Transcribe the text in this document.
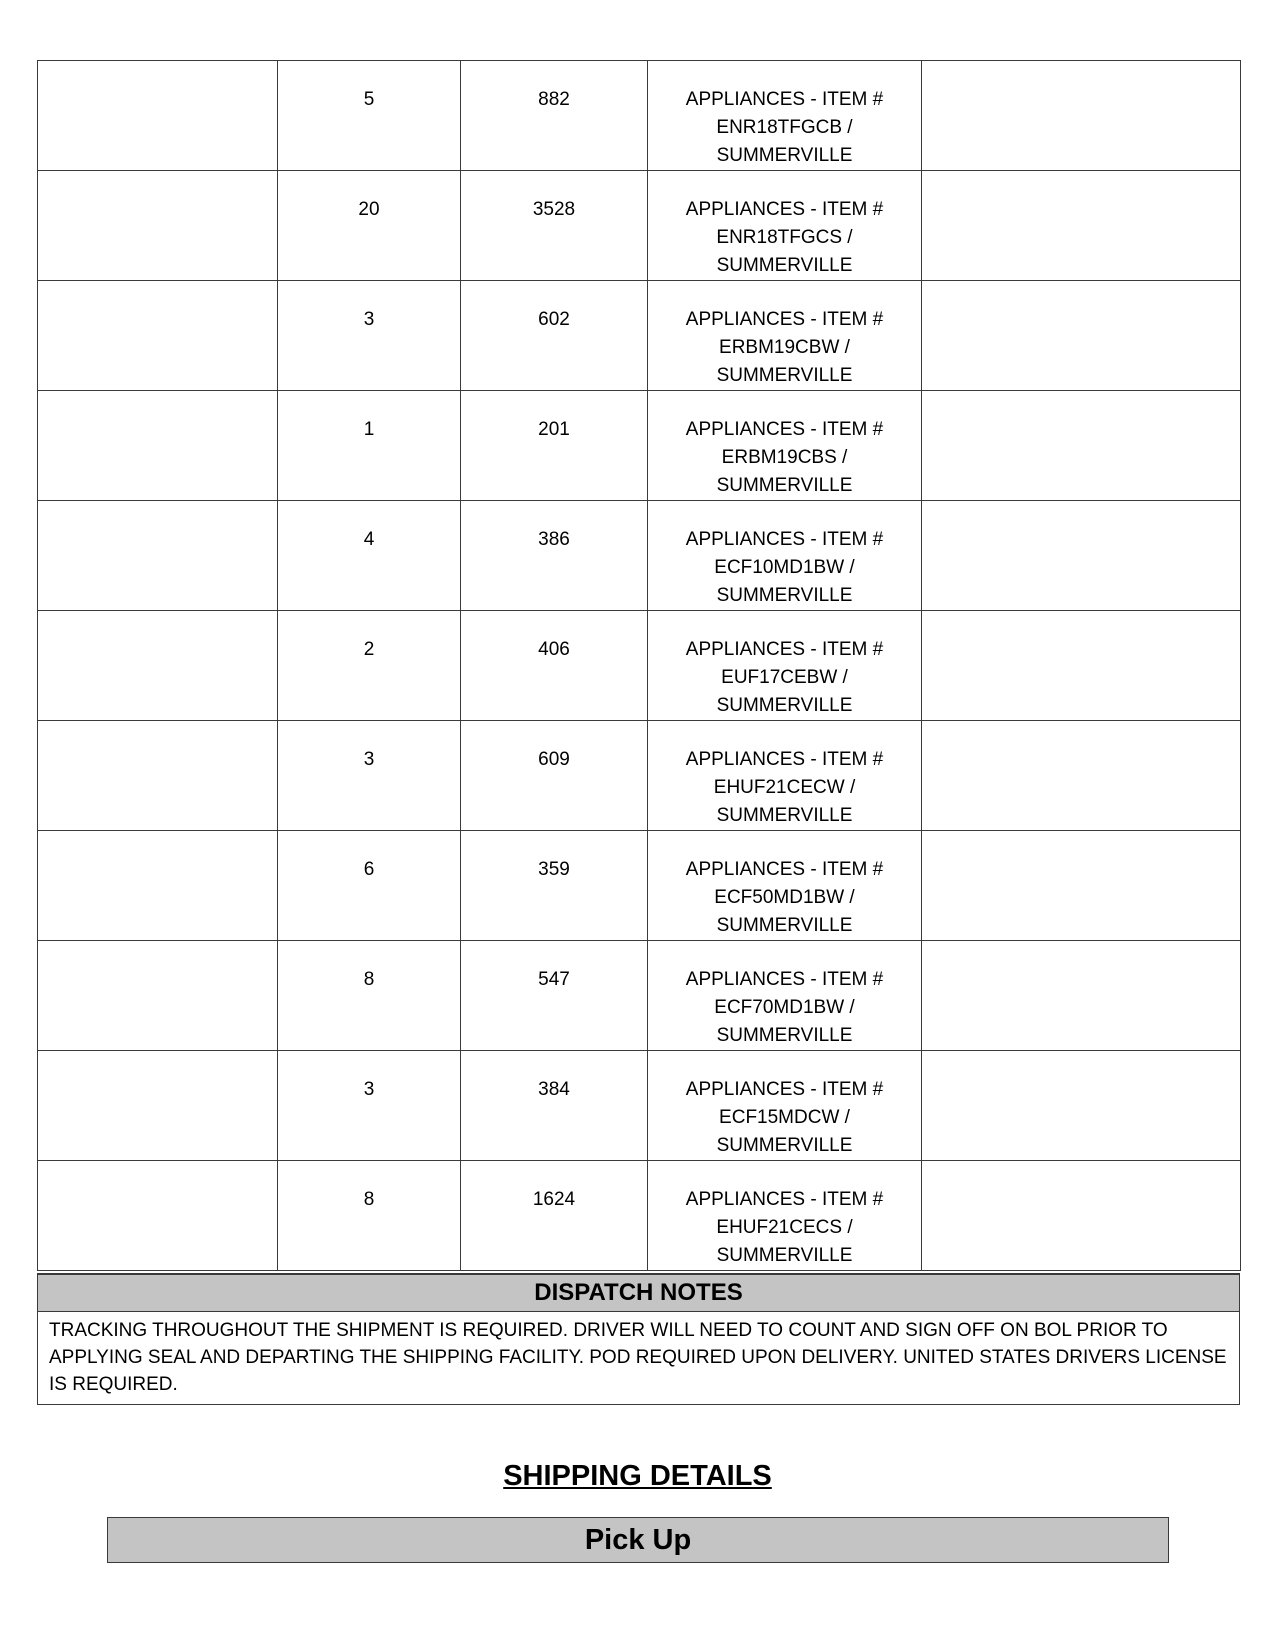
	5	882	APPLIANCES - ITEM #
ENR18TFGCB /
SUMMERVILLE	

	20	3528	APPLIANCES - ITEM #
ENR18TFGCS /
SUMMERVILLE	

	3	602	APPLIANCES - ITEM #
ERBM19CBW /
SUMMERVILLE	

	1	201	APPLIANCES - ITEM #
ERBM19CBS /
SUMMERVILLE	

	4	386	APPLIANCES - ITEM #
ECF10MD1BW /
SUMMERVILLE	

	2	406	APPLIANCES - ITEM #
EUF17CEBW /
SUMMERVILLE	

	3	609	APPLIANCES - ITEM #
EHUF21CECW /
SUMMERVILLE	

	6	359	APPLIANCES - ITEM #
ECF50MD1BW /
SUMMERVILLE	

	8	547	APPLIANCES - ITEM #
ECF70MD1BW /
SUMMERVILLE	

	3	384	APPLIANCES - ITEM #
ECF15MDCW /
SUMMERVILLE	

	8	1624	APPLIANCES - ITEM #
EHUF21CECS /
SUMMERVILLE	

DISPATCH NOTES
TRACKING THROUGHOUT THE SHIPMENT IS REQUIRED. DRIVER WILL NEED TO COUNT AND SIGN OFF ON BOL PRIOR TO APPLYING SEAL AND DEPARTING THE SHIPPING FACILITY. POD REQUIRED UPON DELIVERY. UNITED STATES DRIVERS LICENSE IS REQUIRED.
SHIPPING DETAILS
Pick Up
